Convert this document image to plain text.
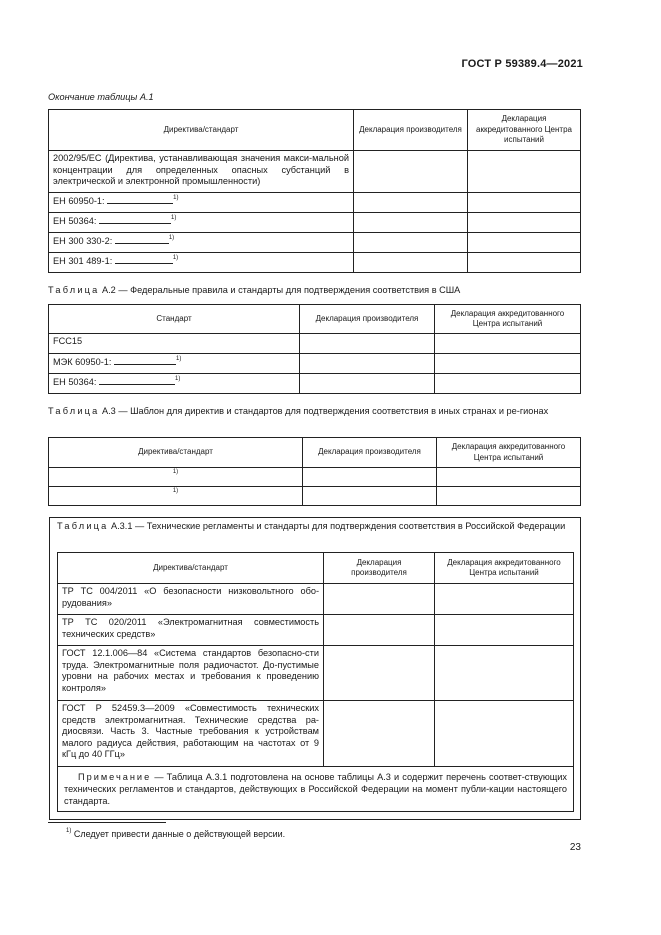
ГОСТ Р 59389.4—2021
Окончание таблицы А.1
Директива/стандарт	Декларация производителя	Декларация аккредитованного Центра испытаний
2002/95/ЕС (Директива, устанавливающая значения макси-мальной концентрации для определенных опасных субстанций в электрической и электронной промышленности)		
ЕН 60950-1: $^{1)}$		
ЕН 50364: $^{1)}$		
ЕН 300 330-2: $^{1)}$		
ЕН 301 489-1: $^{1)}$		
Таблица А.2 — Федеральные правила и стандарты для подтверждения соответствия в США
Стандарт	Декларация производителя	Декларация аккредитованного Центра испытаний
FCC15		
МЭК 60950-1: $^{1)}$		
ЕН 50364: $^{1)}$		
Таблица А.3 — Шаблон для директив и стандартов для подтверждения соответствия в иных странах и ре-гионах
Директива/стандарт	Декларация производителя	Декларация аккредитованного Центра испытаний
$^{1)}$		
$^{1)}$		
Таблица А.3.1 — Технические регламенты и стандарты для подтверждения соответствия в Российской Федерации
Директива/стандарт	Декларация производителя	Декларация аккредитованного Центра испытаний
ТР ТС 004/2011 «О безопасности низковольтного обо-рудования»		
ТР ТС 020/2011 «Электромагнитная совместимость технических средств»		
ГОСТ 12.1.006—84 «Система стандартов безопасно-сти труда. Электромагнитные поля радиочастот. До-пустимые уровни на рабочих местах и требования к проведению контроля»		
ГОСТ Р 52459.3—2009 «Совместимость технических средств электромагнитная. Технические средства ра-диосвязи. Часть 3. Частные требования к устройствам малого радиуса действия, работающим на частотах от 9 кГц до 40 ГГц»		
Примечание — Таблица А.3.1 подготовлена на основе таблицы А.3 и содержит перечень соответ-ствующих технических регламентов и стандартов, действующих в Российской Федерации на момент публи-кации настоящего стандарта.		
$^{1)}$ Следует привести данные о действующей версии.
23
